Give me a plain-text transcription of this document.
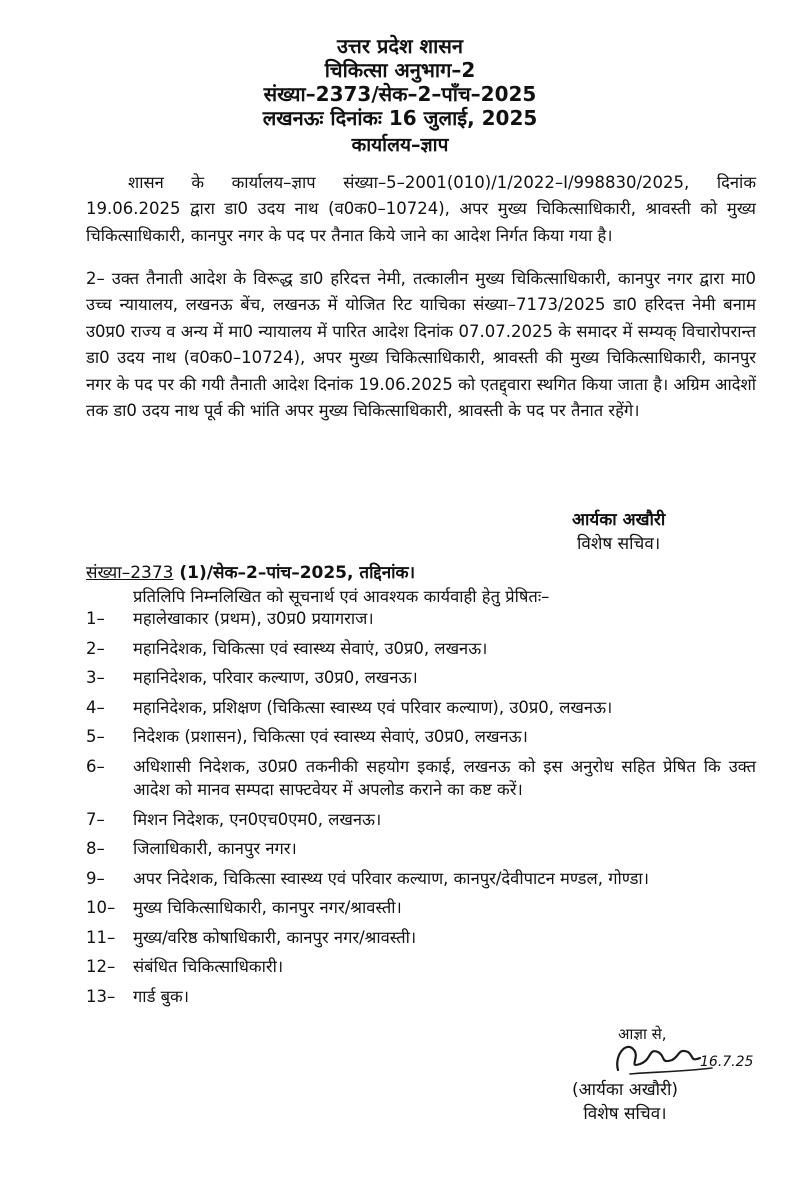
उत्तर प्रदेश शासन
चिकित्सा अनुभाग–2
संख्या–2373/सेक–2–पाँच–2025
लखनऊः दिनांकः 16 जुलाई, 2025
कार्यालय–ज्ञाप

शासन के कार्यालय–ज्ञाप संख्या–5–2001(010)/1/2022–I/998830/2025, दिनांक 19.06.2025 द्वारा डा0 उदय नाथ (व0क0–10724), अपर मुख्य चिकित्साधिकारी, श्रावस्ती को मुख्य चिकित्साधिकारी, कानपुर नगर के पद पर तैनात किये जाने का आदेश निर्गत किया गया है।

2– उक्त तैनाती आदेश के विरूद्ध डा0 हरिदत्त नेमी, तत्कालीन मुख्य चिकित्साधिकारी, कानपुर नगर द्वारा मा0 उच्च न्यायालय, लखनऊ बेंच, लखनऊ में योजित रिट याचिका संख्या–7173/2025 डा0 हरिदत्त नेमी बनाम उ0प्र0 राज्य व अन्य में मा0 न्यायालय में पारित आदेश दिनांक 07.07.2025 के समादर में सम्यक् विचारोपरान्त डा0 उदय नाथ (व0क0–10724), अपर मुख्य चिकित्साधिकारी, श्रावस्ती की मुख्य चिकित्साधिकारी, कानपुर नगर के पद पर की गयी तैनाती आदेश दिनांक 19.06.2025 को एतद्द्वारा स्थगित किया जाता है। अग्रिम आदेशों तक डा0 उदय नाथ पूर्व की भांति अपर मुख्य चिकित्साधिकारी, श्रावस्ती के पद पर तैनात रहेंगे।

आर्यका अखौरी
विशेष सचिव।
संख्या–2373 (1)/सेक–2–पांच–2025, तद्दिनांक।
प्रतिलिपि निम्नलिखित को सूचनार्थ एवं आवश्यक कार्यवाही हेतु प्रेषितः–
1–	महालेखाकार (प्रथम), उ0प्र0 प्रयागराज।
2–	महानिदेशक, चिकित्सा एवं स्वास्थ्य सेवाएं, उ0प्र0, लखनऊ।
3–	महानिदेशक, परिवार कल्याण, उ0प्र0, लखनऊ।
4–	महानिदेशक, प्रशिक्षण (चिकित्सा स्वास्थ्य एवं परिवार कल्याण), उ0प्र0, लखनऊ।
5–	निदेशक (प्रशासन), चिकित्सा एवं स्वास्थ्य सेवाएं, उ0प्र0, लखनऊ।
6–	अधिशासी निदेशक, उ0प्र0 तकनीकी सहयोग इकाई, लखनऊ को इस अनुरोध सहित प्रेषित कि उक्त आदेश को मानव सम्पदा साफ्टवेयर में अपलोड कराने का कष्ट करें।
7–	मिशन निदेशक, एन0एच0एम0, लखनऊ।
8–	जिलाधिकारी, कानपुर नगर।
9–	अपर निदेशक, चिकित्सा स्वास्थ्य एवं परिवार कल्याण, कानपुर/देवीपाटन मण्डल, गोण्डा।
10–	मुख्य चिकित्साधिकारी, कानपुर नगर/श्रावस्ती।
11–	मुख्य/वरिष्ठ कोषाधिकारी, कानपुर नगर/श्रावस्ती।
12–	संबंधित चिकित्साधिकारी।
13–	गार्ड बुक।
आज्ञा से,
16.7.25
(आर्यका अखौरी)
विशेष सचिव।
